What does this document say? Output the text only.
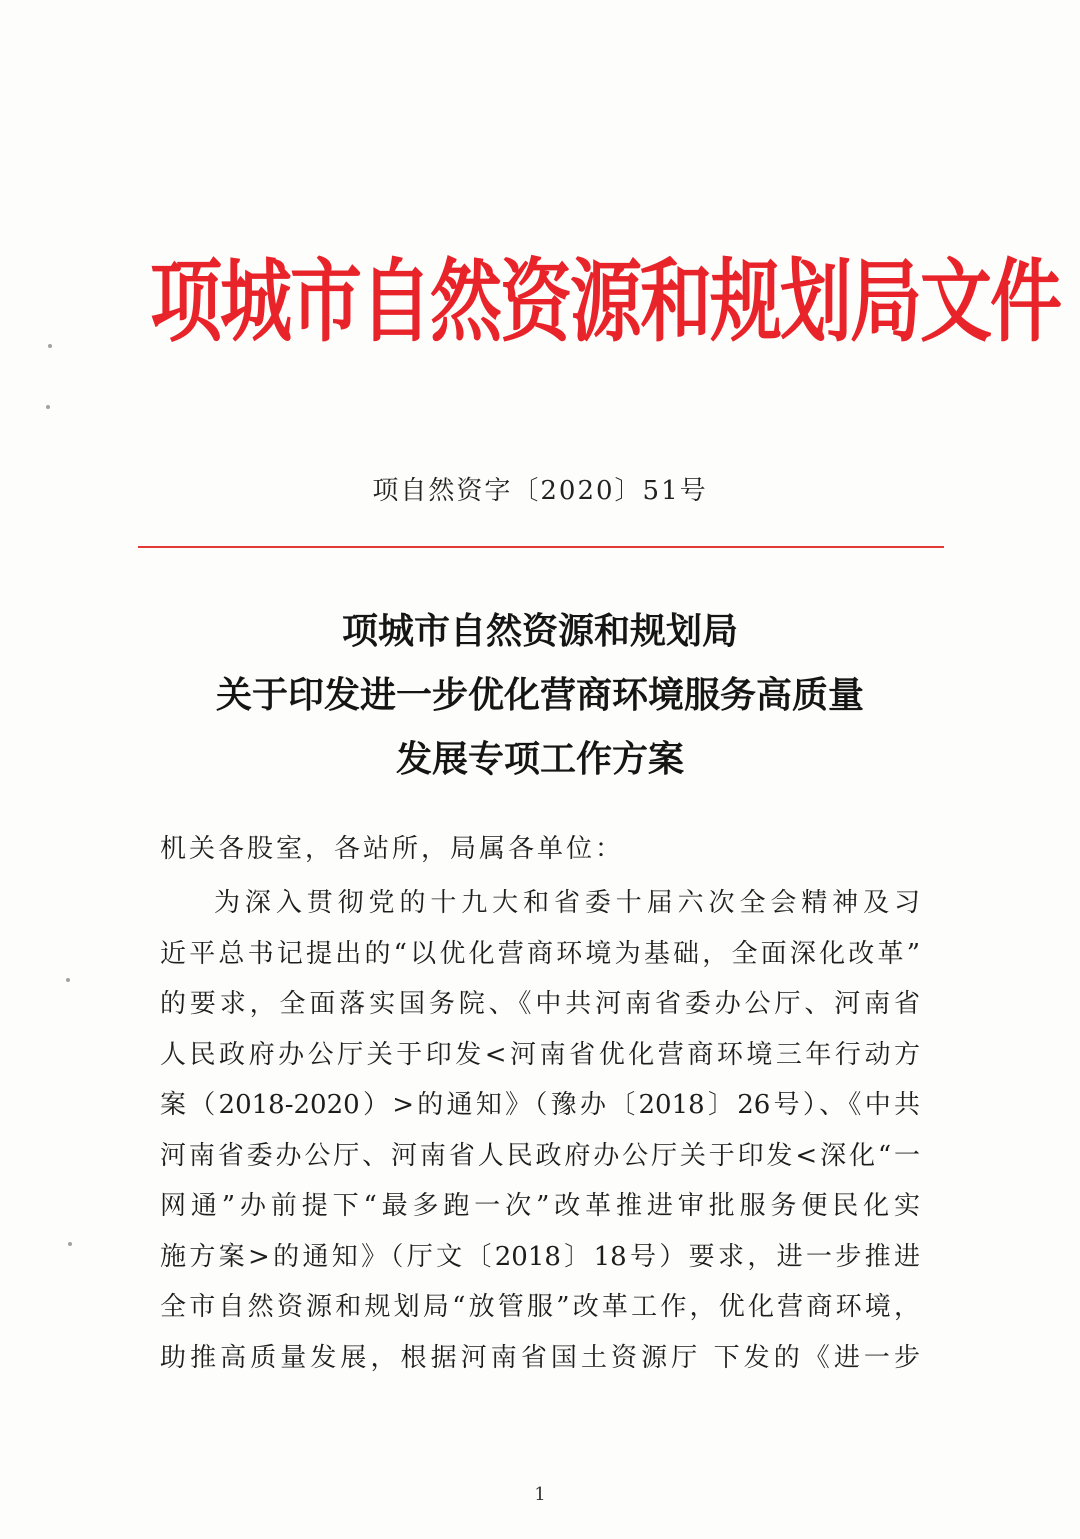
项城市自然资源和规划局文件
项自然资字〔2020〕51号
项城市自然资源和规划局
关于印发进一步优化营商环境服务高质量
发展专项工作方案
机关各股室，各站所，局属各单位：
为深入贯彻党的十九大和省委十届六次全会精神及习
近平总书记提出的“以优化营商环境为基础，全面深化改革”
的要求，全面落实国务院、《中共河南省委办公厅、河南省
人民政府办公厅关于印发<河南省优化营商环境三年行动方
案（2018-2020）>的通知》（豫办〔2018〕26号）、《中共
河南省委办公厅、河南省人民政府办公厅关于印发<深化“一
网通”办前提下“最多跑一次”改革推进审批服务便民化实
施方案>的通知》（厅文〔2018〕18号）要求，进一步推进
全市自然资源和规划局“放管服”改革工作，优化营商环境，
助推高质量发展，根据河南省国土资源厅 下发的《进一步
1
